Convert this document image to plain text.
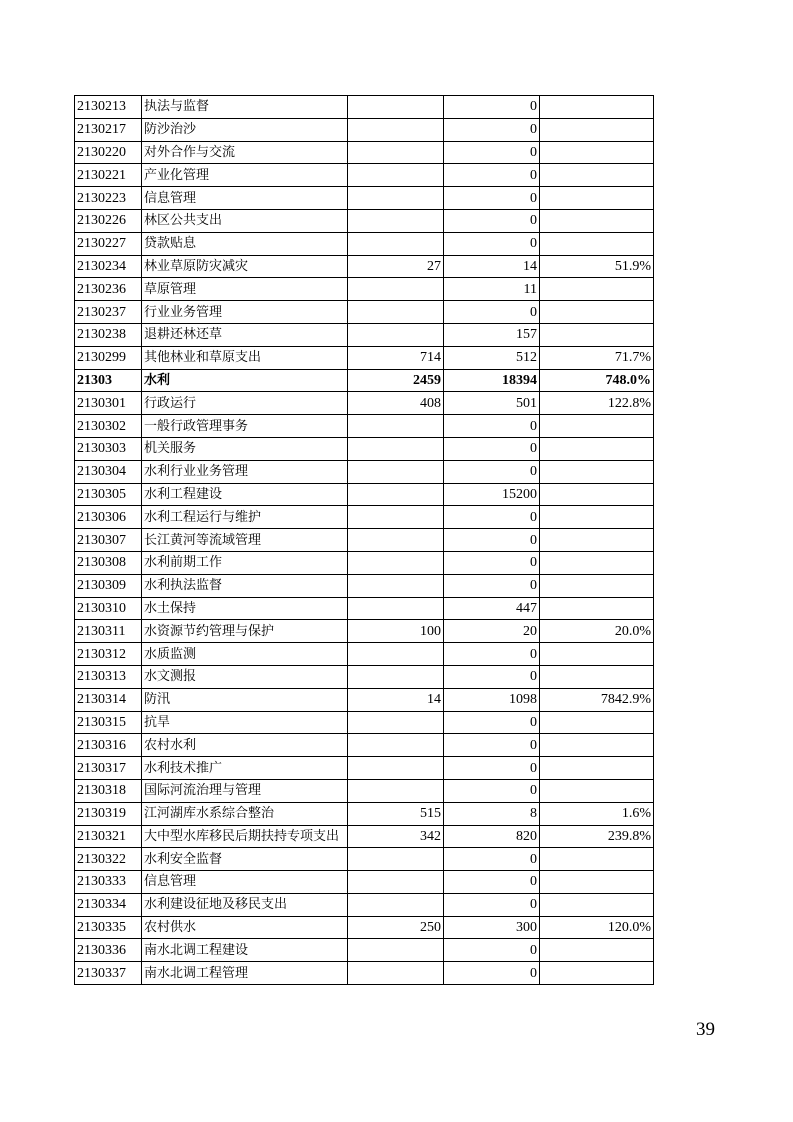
2130213	执法与监督		0	
2130217	防沙治沙		0	
2130220	对外合作与交流		0	
2130221	产业化管理		0	
2130223	信息管理		0	
2130226	林区公共支出		0	
2130227	贷款贴息		0	
2130234	林业草原防灾减灾	27	14	51.9%
2130236	草原管理		11	
2130237	行业业务管理		0	
2130238	退耕还林还草		157	
2130299	其他林业和草原支出	714	512	71.7%
21303	水利	2459	18394	748.0%
2130301	行政运行	408	501	122.8%
2130302	一般行政管理事务		0	
2130303	机关服务		0	
2130304	水利行业业务管理		0	
2130305	水利工程建设		15200	
2130306	水利工程运行与维护		0	
2130307	长江黄河等流域管理		0	
2130308	水利前期工作		0	
2130309	水利执法监督		0	
2130310	水土保持		447	
2130311	水资源节约管理与保护	100	20	20.0%
2130312	水质监测		0	
2130313	水文测报		0	
2130314	防汛	14	1098	7842.9%
2130315	抗旱		0	
2130316	农村水利		0	
2130317	水利技术推广		0	
2130318	国际河流治理与管理		0	
2130319	江河湖库水系综合整治	515	8	1.6%
2130321	大中型水库移民后期扶持专项支出	342	820	239.8%
2130322	水利安全监督		0	
2130333	信息管理		0	
2130334	水利建设征地及移民支出		0	
2130335	农村供水	250	300	120.0%
2130336	南水北调工程建设		0	
2130337	南水北调工程管理		0	
39
